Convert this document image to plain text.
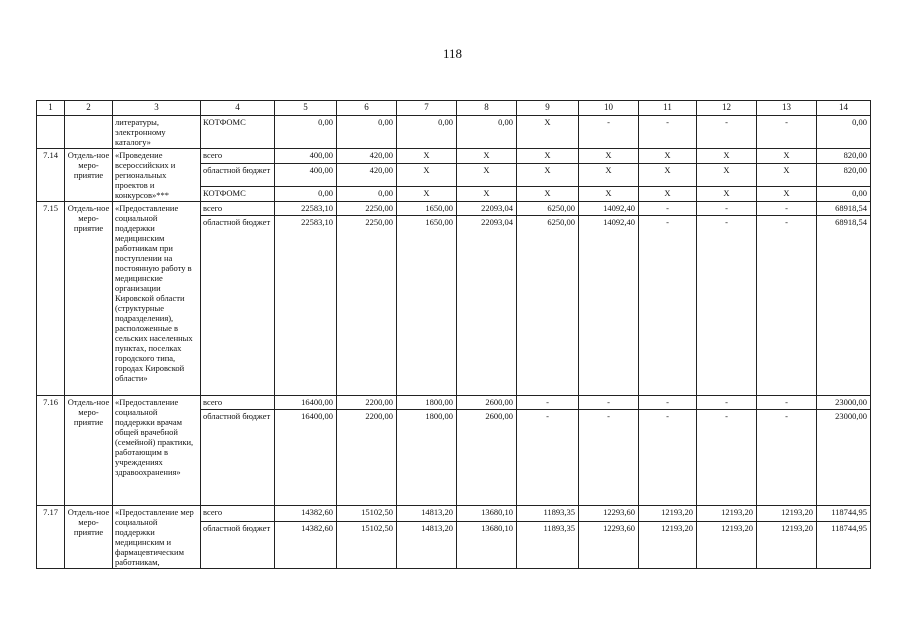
118
1	2	3	4	5	6	7	8	9	10	11	12	13	14
		литературы, электронному каталогу»	КОТФОМС	0,00	0,00	0,00	0,00	X	-	-	-	-	0,00
7.14	Отдель-ное меро-приятие	«Проведение всероссийских и региональных проектов и конкурсов»***	всего	400,00	420,00	X	X	X	X	X	X	X	820,00
			областной бюджет	400,00	420,00	X	X	X	X	X	X	X	820,00
			КОТФОМС	0,00	0,00	X	X	X	X	X	X	X	0,00
7.15	Отдель-ное меро-приятие	«Предоставление социальной поддержки медицинским работникам при поступлении на постоянную работу в медицинские организации Кировской области (структурные подразделения), расположенные в сельских населенных пунктах, поселках городского типа, городах Кировской области»	всего	22583,10	2250,00	1650,00	22093,04	6250,00	14092,40	-	-	-	68918,54
			областной бюджет	22583,10	2250,00	1650,00	22093,04	6250,00	14092,40	-	-	-	68918,54
7.16	Отдель-ное меро-приятие	«Предоставление социальной поддержки врачам общей врачебной (семейной) практики, работающим в учреждениях здравоохранения»	всего	16400,00	2200,00	1800,00	2600,00	-	-	-	-	-	23000,00
			областной бюджет	16400,00	2200,00	1800,00	2600,00	-	-	-	-	-	23000,00
7.17	Отдель-ное меро-приятие	«Предоставление мер социальной поддержки медицинским и фармацевтическим работникам,	всего	14382,60	15102,50	14813,20	13680,10	11893,35	12293,60	12193,20	12193,20	12193,20	118744,95
			областной бюджет	14382,60	15102,50	14813,20	13680,10	11893,35	12293,60	12193,20	12193,20	12193,20	118744,95
